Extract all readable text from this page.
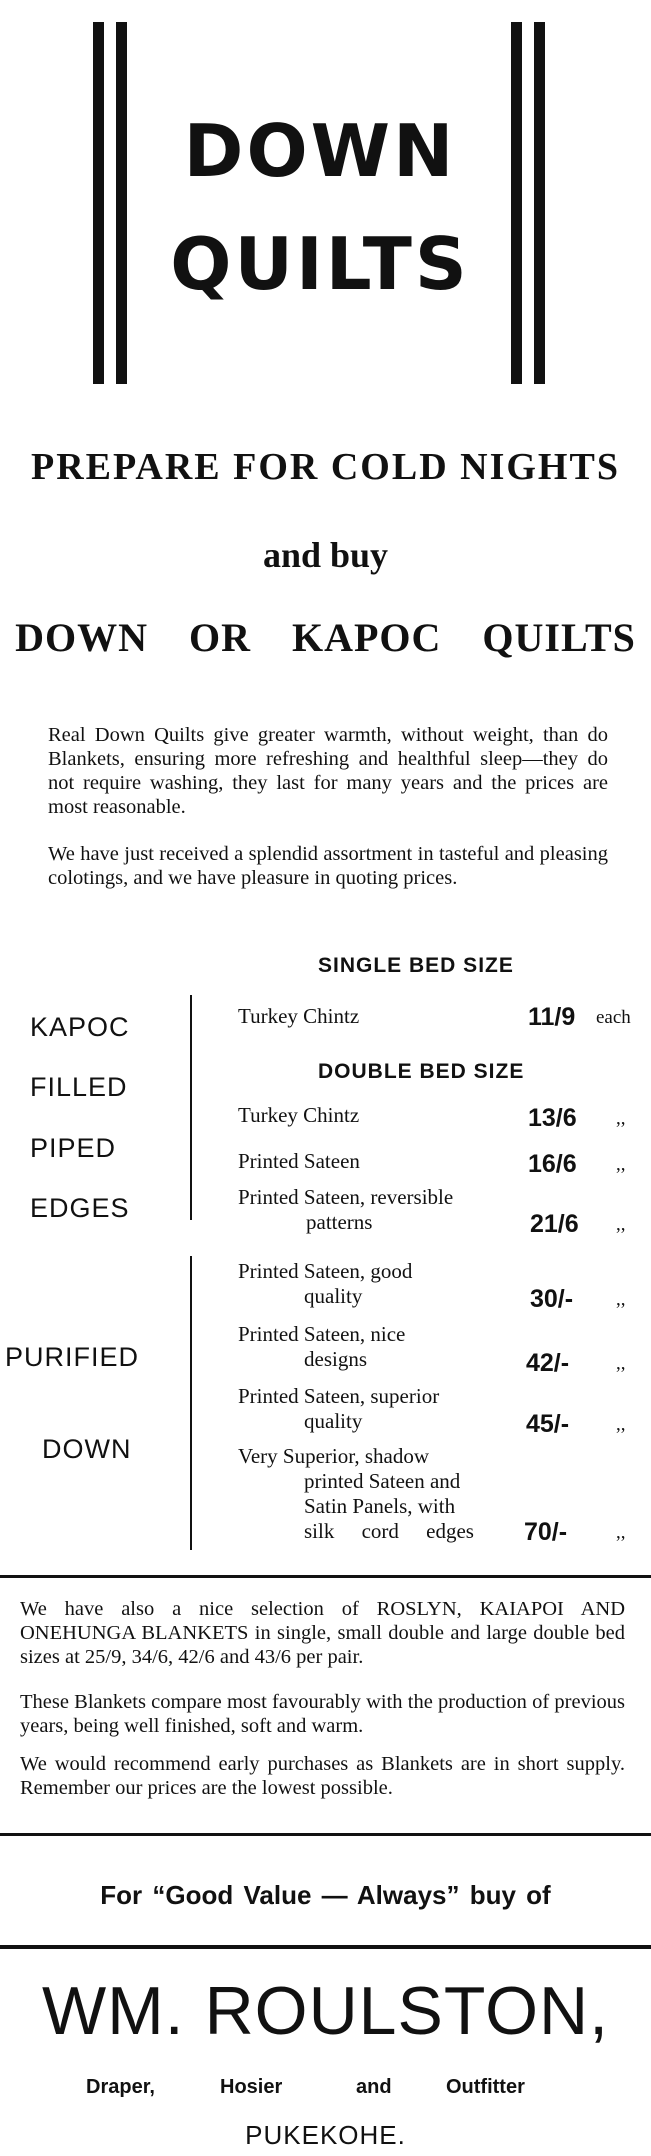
DOWN
QUILTS
PREPARE FOR COLD NIGHTS
and buy
DOWN OR KAPOC QUILTS
Real Down Quilts give greater warmth, without weight, than do Blankets, ensuring more refreshing and healthful sleep—they do not require washing, they last for many years and the prices are most reasonable.
We have just received a splendid assortment in tasteful and pleasing colotings, and we have pleasure in quoting prices.
SINGLE BED SIZE
KAPOC
FILLED
PIPED
EDGES
Turkey Chintz	11/9 each
DOUBLE BED SIZE
Turkey Chintz	13/6 ,,
Printed Sateen	16/6 ,,
Printed Sateen, reversible
patterns	21/6 ,,
PURIFIED
DOWN
Printed Sateen, good
quality	30/- ,,
Printed Sateen, nice
designs	42/- ,,
Printed Sateen, superior
quality	45/- ,,
Very Superior, shadow
printed Sateen and
Satin Panels, with
silk cord edges	70/-	,,
We have also a nice selection of ROSLYN, KAIAPOI AND ONEHUNGA BLANKETS in single, small double and large double bed sizes at 25/9, 34/6, 42/6 and 43/6 per pair.
These Blankets compare most favourably with the production of previous years, being well finished, soft and warm.
We would recommend early purchases as Blankets are in short supply. Remember our prices are the lowest possible.
For “Good Value — Always” buy of
WM. ROULSTON,
Draper,	Hosier	and	Outfitter
PUKEKOHE.
